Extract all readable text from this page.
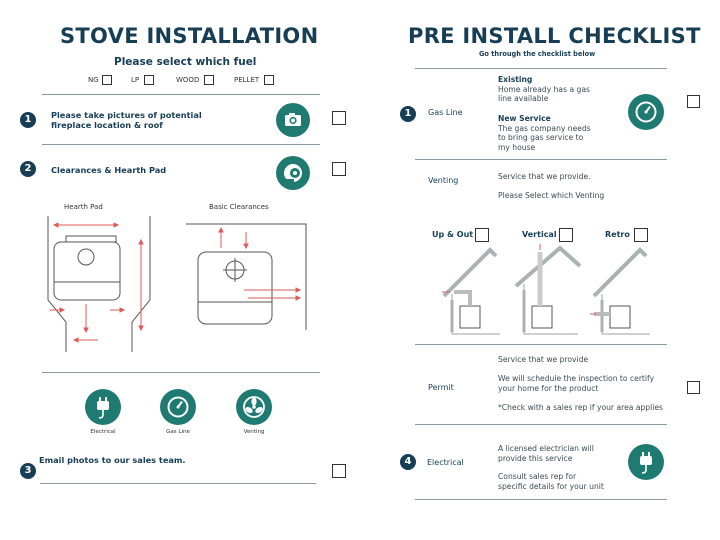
STOVE INSTALLATION
Please select which fuel
NG	LP	WOOD	PELLET
1	Please take pictures of potential
fireplace location & roof
2	Clearances & Hearth Pad
Hearth Pad	Basic Clearances
Electrical	Gas Line	Venting
3
Email photos to our sales team.
PRE INSTALL CHECKLIST
Go through the checklist below
1	Gas Line
Existing
Home already has a gas
line available
New Service
The gas company needs
to bring gas service to
my house
Venting	Service that we provide.
Please Select which Venting
Up & Out	Vertical	Retro
Permit
Service that we provide
We will schedule the inspection to certify
your home for the product
*Check with a sales rep if your area applies
4	Electrical
A licensed electrician will
provide this service
Consult sales rep for
specific details for your unit
